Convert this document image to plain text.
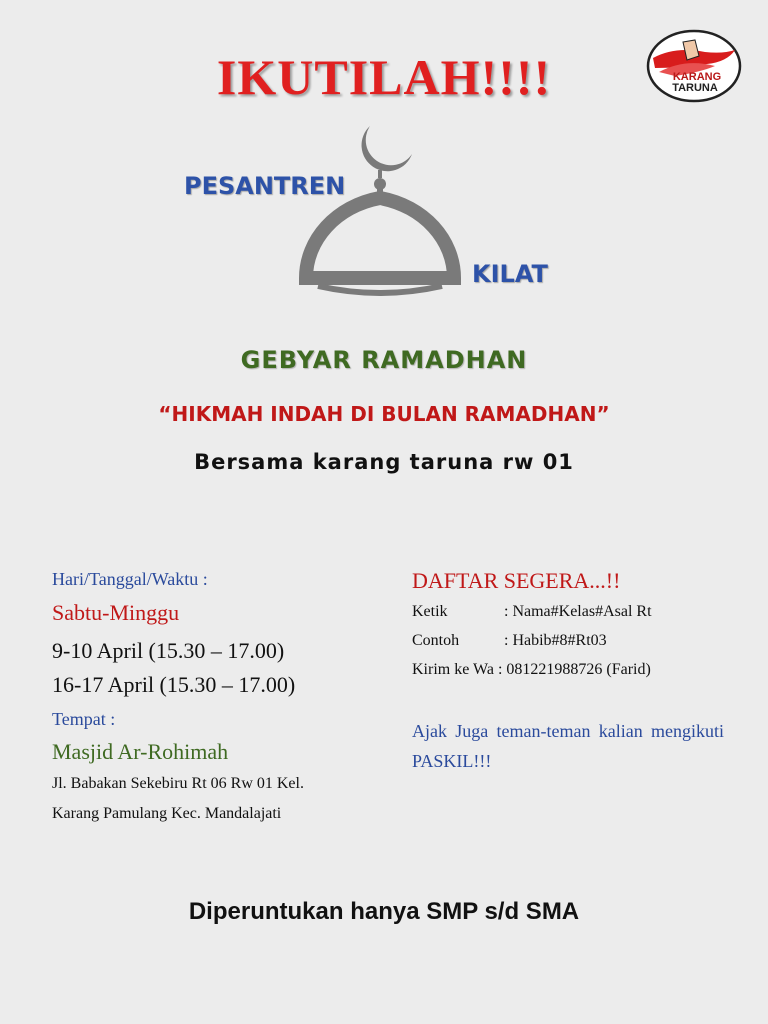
IKUTILAH!!!!	KARANG
TARUNA
PESANTREN
KILAT
GEBYAR RAMADHAN
“HIKMAH INDAH DI BULAN RAMADHAN”
Bersama karang taruna rw 01
Hari/Tanggal/Waktu :
Sabtu-Minggu
9-10 April (15.30 – 17.00)
16-17 April (15.30 – 17.00)
Tempat :
Masjid Ar-Rohimah
Jl. Babakan Sekebiru Rt 06 Rw 01 Kel.
Karang Pamulang Kec. Mandalajati
DAFTAR SEGERA...!!
Ketik	: Nama#Kelas#Asal Rt
Contoh	: Habib#8#Rt03
Kirim ke Wa : 081221988726 (Farid)
Ajak Juga teman-teman kalian mengikuti PASKIL!!!
Diperuntukan hanya SMP s/d SMA
